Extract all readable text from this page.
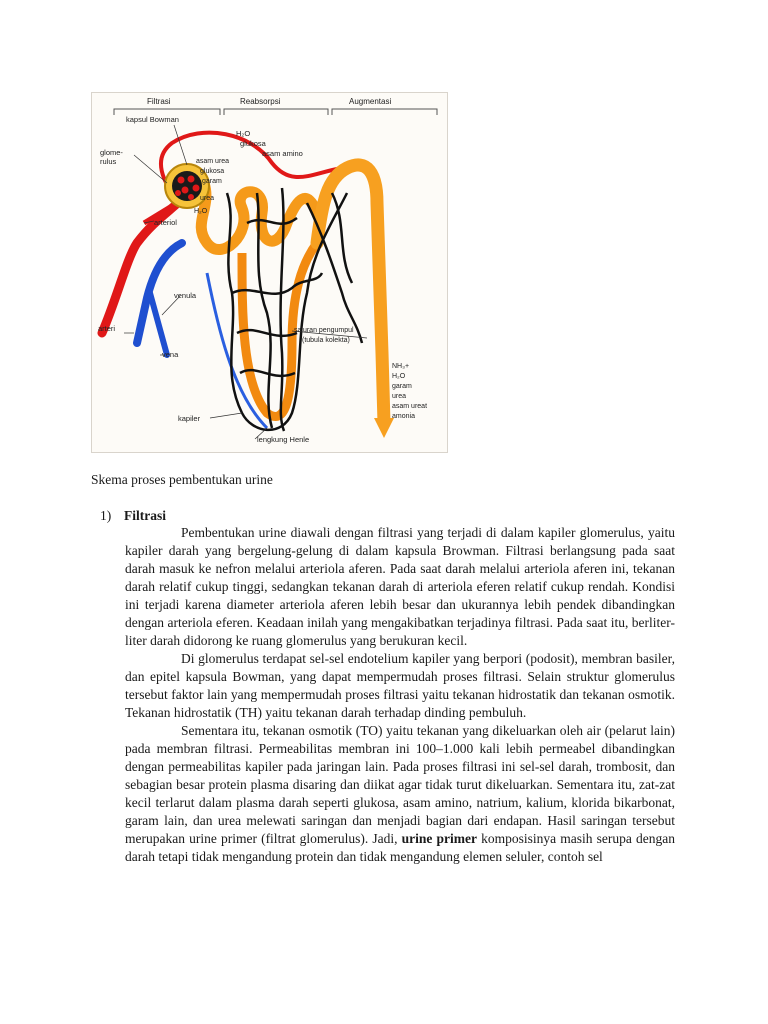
Filtrasi	Reabsorpsi	Augmentasi
kapsul Bowman
glome-
rulus
arteriol
venula
arteri
vena
kapiler
lengkung Henle
saluran pengumpul
(tubula kolekta)
H₂O
glukosa
asam amino
asam urea
glukosa
garam
urea
H₂O
NH₃+
H₂O
garam
urea
asam ureat
amonia
Skema proses pembentukan urine
1) Filtrasi

Pembentukan urine diawali dengan filtrasi yang terjadi di dalam kapiler glomerulus, yaitu kapiler darah yang bergelung-gelung di dalam kapsula Browman. Filtrasi berlangsung pada saat darah masuk ke nefron melalui arteriola aferen. Pada saat darah melalui arteriola aferen ini, tekanan darah relatif cukup tinggi, sedangkan tekanan darah di arteriola eferen relatif cukup rendah. Kondisi ini terjadi karena diameter arteriola aferen lebih besar dan ukurannya lebih pendek dibandingkan dengan arteriola eferen. Keadaan inilah yang mengakibatkan terjadinya filtrasi. Pada saat itu, berliter-liter darah didorong ke ruang glomerulus yang berukuran kecil.

Di glomerulus terdapat sel-sel endotelium kapiler yang berpori (podosit), membran basiler, dan epitel kapsula Bowman, yang dapat mempermudah proses filtrasi. Selain struktur glomerulus tersebut faktor lain yang mempermudah proses filtrasi yaitu tekanan hidrostatik dan tekanan osmotik. Tekanan hidrostatik (TH) yaitu tekanan darah terhadap dinding pembuluh.

Sementara itu, tekanan osmotik (TO) yaitu tekanan yang dikeluarkan oleh air (pelarut lain) pada membran filtrasi. Permeabilitas membran ini 100–1.000 kali lebih permeabel dibandingkan dengan permeabilitas kapiler pada jaringan lain. Pada proses filtrasi ini sel-sel darah, trombosit, dan sebagian besar protein plasma disaring dan diikat agar tidak turut dikeluarkan. Sementara itu, zat-zat kecil terlarut dalam plasma darah seperti glukosa, asam amino, natrium, kalium, klorida bikarbonat, garam lain, dan urea melewati saringan dan menjadi bagian dari endapan. Hasil saringan tersebut merupakan urine primer (filtrat glomerulus). Jadi, urine primer komposisinya masih serupa dengan darah tetapi tidak mengandung protein dan tidak mengandung elemen seluler, contoh sel
